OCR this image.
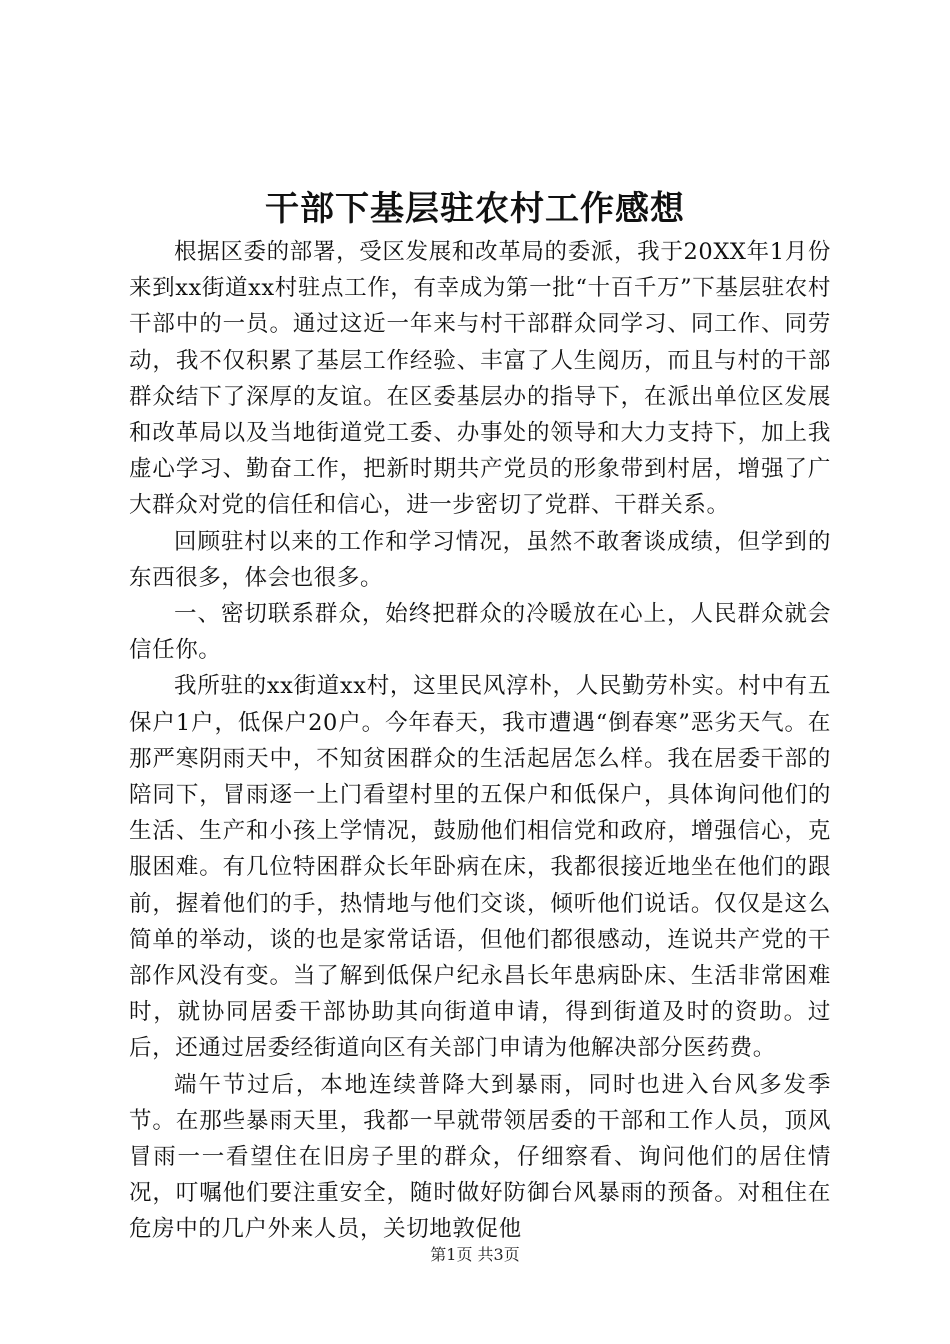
干部下基层驻农村工作感想

根据区委的部署，受区发展和改革局的委派，我于20XX年1月份来到xx街道xx村驻点工作，有幸成为第一批“十百千万”下基层驻农村干部中的一员。通过这近一年来与村干部群众同学习、同工作、同劳动，我不仅积累了基层工作经验、丰富了人生阅历，而且与村的干部群众结下了深厚的友谊。在区委基层办的指导下，在派出单位区发展和改革局以及当地街道党工委、办事处的领导和大力支持下，加上我虚心学习、勤奋工作，把新时期共产党员的形象带到村居，增强了广大群众对党的信任和信心，进一步密切了党群、干群关系。

回顾驻村以来的工作和学习情况，虽然不敢奢谈成绩，但学到的东西很多，体会也很多。

一、密切联系群众，始终把群众的冷暖放在心上，人民群众就会信任你。

我所驻的xx街道xx村，这里民风淳朴，人民勤劳朴实。村中有五保户1户，低保户20户。今年春天，我市遭遇“倒春寒”恶劣天气。在那严寒阴雨天中，不知贫困群众的生活起居怎么样。我在居委干部的陪同下，冒雨逐一上门看望村里的五保户和低保户，具体询问他们的生活、生产和小孩上学情况，鼓励他们相信党和政府，增强信心，克服困难。有几位特困群众长年卧病在床，我都很接近地坐在他们的跟前，握着他们的手，热情地与他们交谈，倾听他们说话。仅仅是这么简单的举动，谈的也是家常话语，但他们都很感动，连说共产党的干部作风没有变。当了解到低保户纪永昌长年患病卧床、生活非常困难时，就协同居委干部协助其向街道申请，得到街道及时的资助。过后，还通过居委经街道向区有关部门申请为他解决部分医药费。

端午节过后，本地连续普降大到暴雨，同时也进入台风多发季节。在那些暴雨天里，我都一早就带领居委的干部和工作人员，顶风冒雨一一看望住在旧房子里的群众，仔细察看、询问他们的居住情况，叮嘱他们要注重安全，随时做好防御台风暴雨的预备。对租住在危房中的几户外来人员，关切地敦促他

第1页 共3页
